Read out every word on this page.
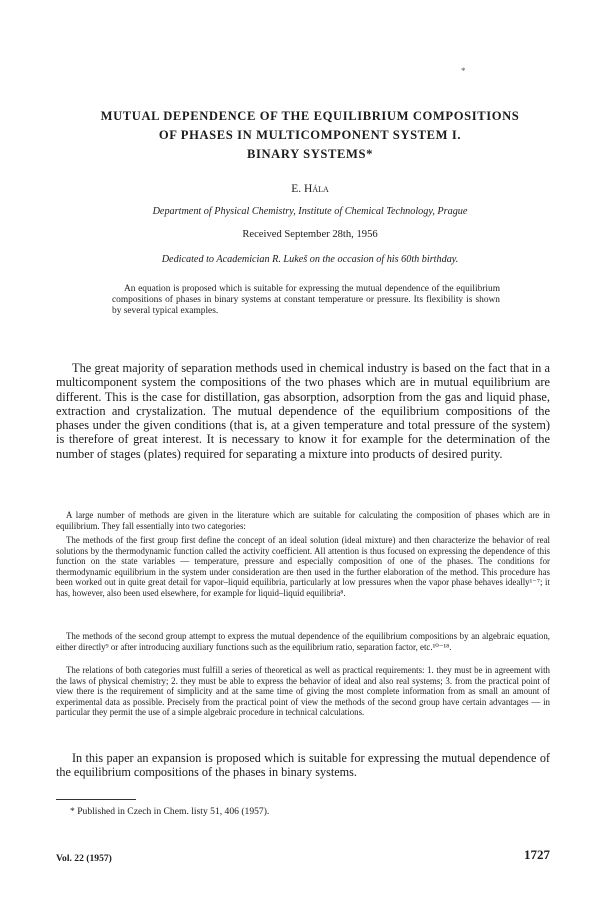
*
MUTUAL DEPENDENCE OF THE EQUILIBRIUM COMPOSITIONS
OF PHASES IN MULTICOMPONENT SYSTEM I.
BINARY SYSTEMS*
E. Hála
Department of Physical Chemistry, Institute of Chemical Technology, Prague
Received September 28th, 1956
Dedicated to Academician R. Lukeš on the occasion of his 60th birthday.

An equation is proposed which is suitable for expressing the mutual dependence of the equilibrium compositions of phases in binary systems at constant temperature or pressure. Its flexibility is shown by several typical examples.

The great majority of separation methods used in chemical industry is based on the fact that in a multicomponent system the compositions of the two phases which are in mutual equilibrium are different. This is the case for distillation, gas absorption, adsorption from the gas and liquid phase, extraction and crystalization. The mutual dependence of the equilibrium compositions of the phases under the given conditions (that is, at a given temperature and total pressure of the system) is therefore of great interest. It is necessary to know it for example for the determination of the number of stages (plates) required for separating a mixture into products of desired purity.

A large number of methods are given in the literature which are suitable for calculating the composition of phases which are in equilibrium. They fall essentially into two categories:

The methods of the first group first define the concept of an ideal solution (ideal mixture) and then characterize the behavior of real solutions by the thermodynamic function called the activity coefficient. All attention is thus focused on expressing the dependence of this function on the state variables — temperature, pressure and especially composition of one of the phases. The conditions for thermodynamic equilibrium in the system under consideration are then used in the further elaboration of the method. This procedure has been worked out in quite great detail for vapor–liquid equilibria, particularly at low pressures when the vapor phase behaves ideally¹⁻⁷; it has, however, also been used elsewhere, for example for liquid–liquid equilibria⁸.

The methods of the second group attempt to express the mutual dependence of the equilibrium compositions by an algebraic equation, either directly⁹ or after introducing auxiliary functions such as the equilibrium ratio, separation factor, etc.¹⁰⁻¹⁸.

The relations of both categories must fulfill a series of theoretical as well as practical requirements: 1. they must be in agreement with the laws of physical chemistry; 2. they must be able to express the behavior of ideal and also real systems; 3. from the practical point of view there is the requirement of simplicity and at the same time of giving the most complete information from as small an amount of experimental data as possible. Precisely from the practical point of view the methods of the second group have certain advantages — in particular they permit the use of a simple algebraic procedure in technical calculations.

In this paper an expansion is proposed which is suitable for expressing the mutual dependence of the equilibrium compositions of the phases in binary systems.

* Published in Czech in Chem. listy 51, 406 (1957).
Vol. 22 (1957)	1727
